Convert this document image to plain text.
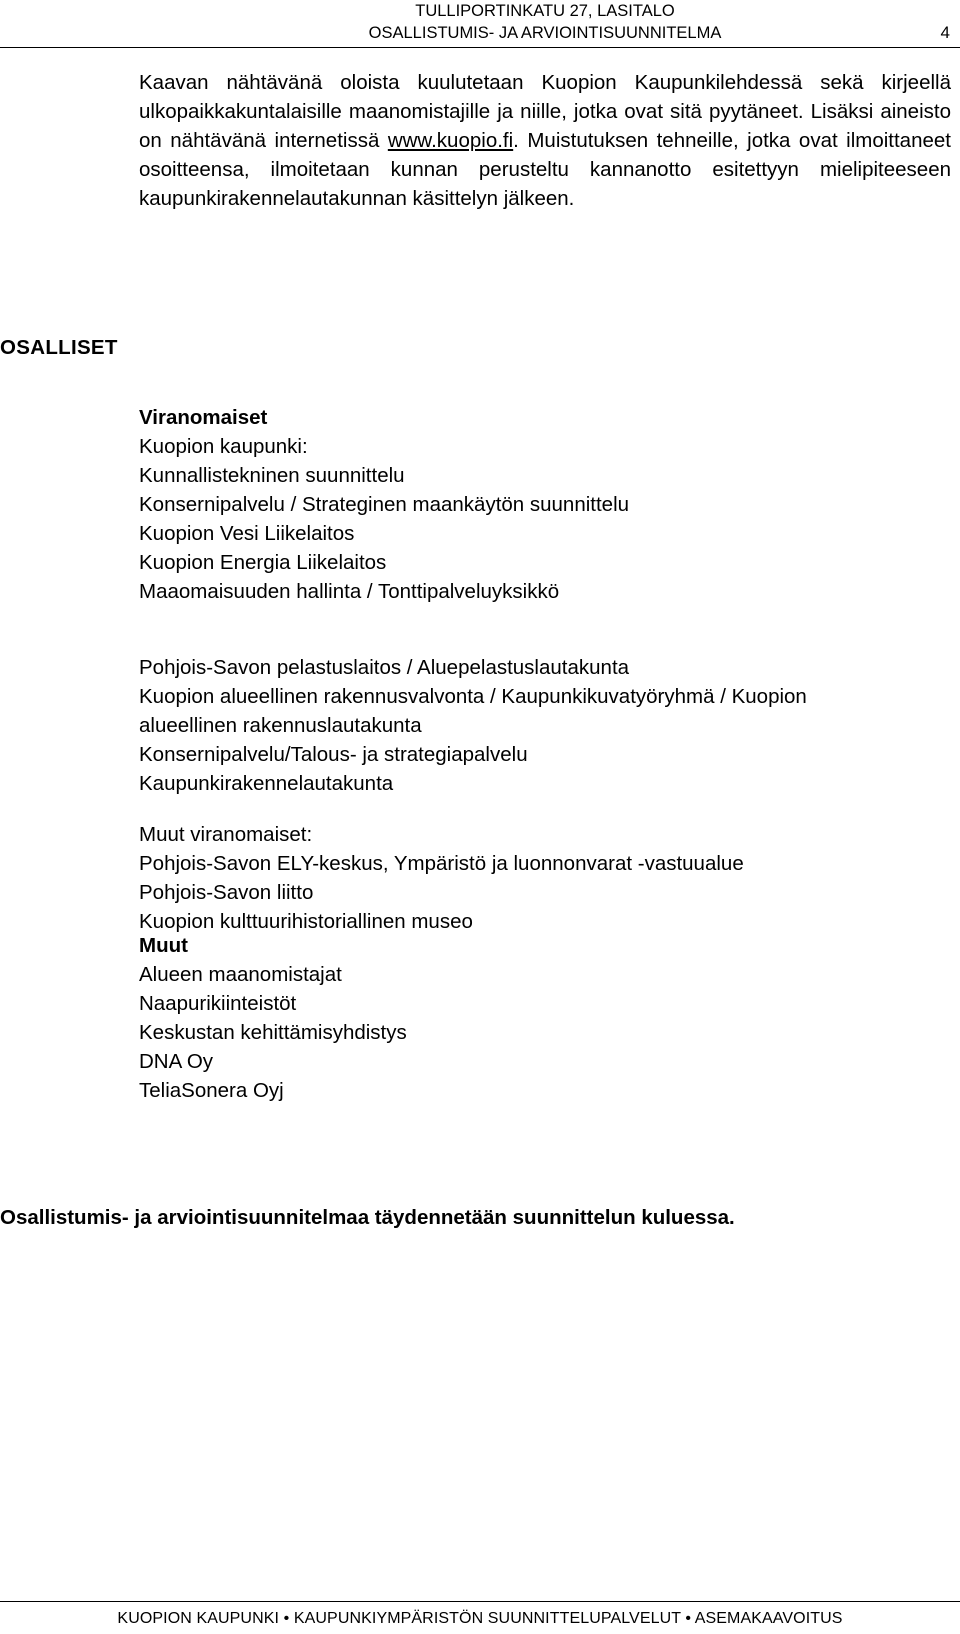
TULLIPORTINKATU 27, LASITALO
OSALLISTUMIS- JA ARVIOINTISUUNNITELMA	4

Kaavan nähtävänä oloista kuulutetaan Kuopion Kaupunkilehdessä sekä kirjeellä ulkopaikkakuntalaisille maanomistajille ja niille, jotka ovat sitä pyytäneet. Lisäksi aineisto on nähtävänä internetissä www.kuopio.fi. Muistutuksen tehneille, jotka ovat ilmoittaneet osoitteensa, ilmoitetaan kunnan perusteltu kannanotto esitettyyn mielipiteeseen kaupunkirakennelautakunnan käsittelyn jälkeen.

OSALLISET
Viranomaiset
Kuopion kaupunki:
Kunnallistekninen suunnittelu
Konsernipalvelu / Strateginen maankäytön suunnittelu
Kuopion Vesi Liikelaitos
Kuopion Energia Liikelaitos
Maaomaisuuden hallinta / Tonttipalveluyksikkö
Pohjois-Savon pelastuslaitos / Aluepelastuslautakunta
Kuopion alueellinen rakennusvalvonta / Kaupunkikuvatyöryhmä / Kuopion
alueellinen rakennuslautakunta
Konsernipalvelu/Talous- ja strategiapalvelu
Kaupunkirakennelautakunta
Muut viranomaiset:
Pohjois-Savon ELY-keskus, Ympäristö ja luonnonvarat -vastuualue
Pohjois-Savon liitto
Kuopion kulttuurihistoriallinen museo
Muut
Alueen maanomistajat
Naapurikiinteistöt
Keskustan kehittämisyhdistys
DNA Oy
TeliaSonera Oyj
Osallistumis- ja arviointisuunnitelmaa täydennetään suunnittelun kuluessa.
KUOPION KAUPUNKI • KAUPUNKIYMPÄRISTÖN SUUNNITTELUPALVELUT • ASEMAKAAVOITUS
